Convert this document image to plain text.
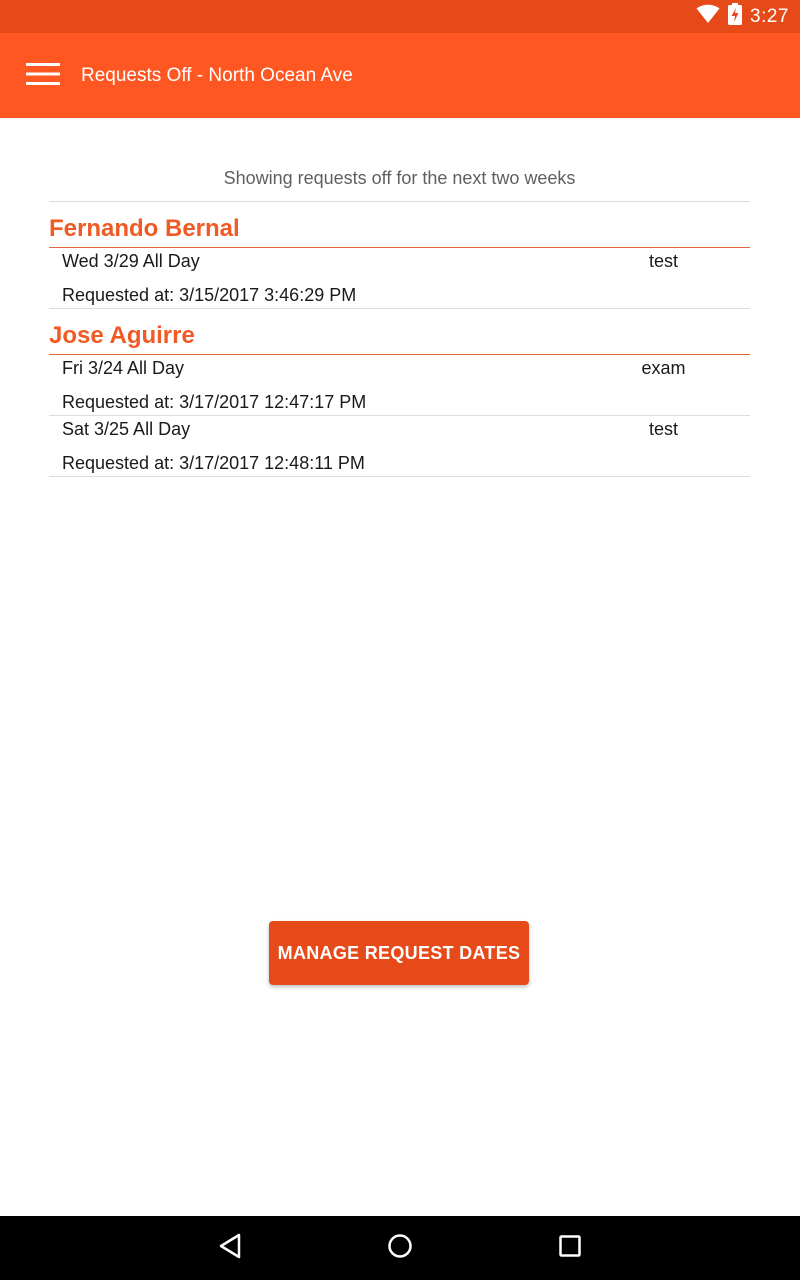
3:27
Requests Off - North Ocean Ave
Showing requests off for the next two weeks
Fernando Bernal
Wed 3/29 All Day	test
Requested at: 3/15/2017 3:46:29 PM
Jose Aguirre
Fri 3/24 All Day	exam
Requested at: 3/17/2017 12:47:17 PM
Sat 3/25 All Day	test
Requested at: 3/17/2017 12:48:11 PM
MANAGE REQUEST DATES
